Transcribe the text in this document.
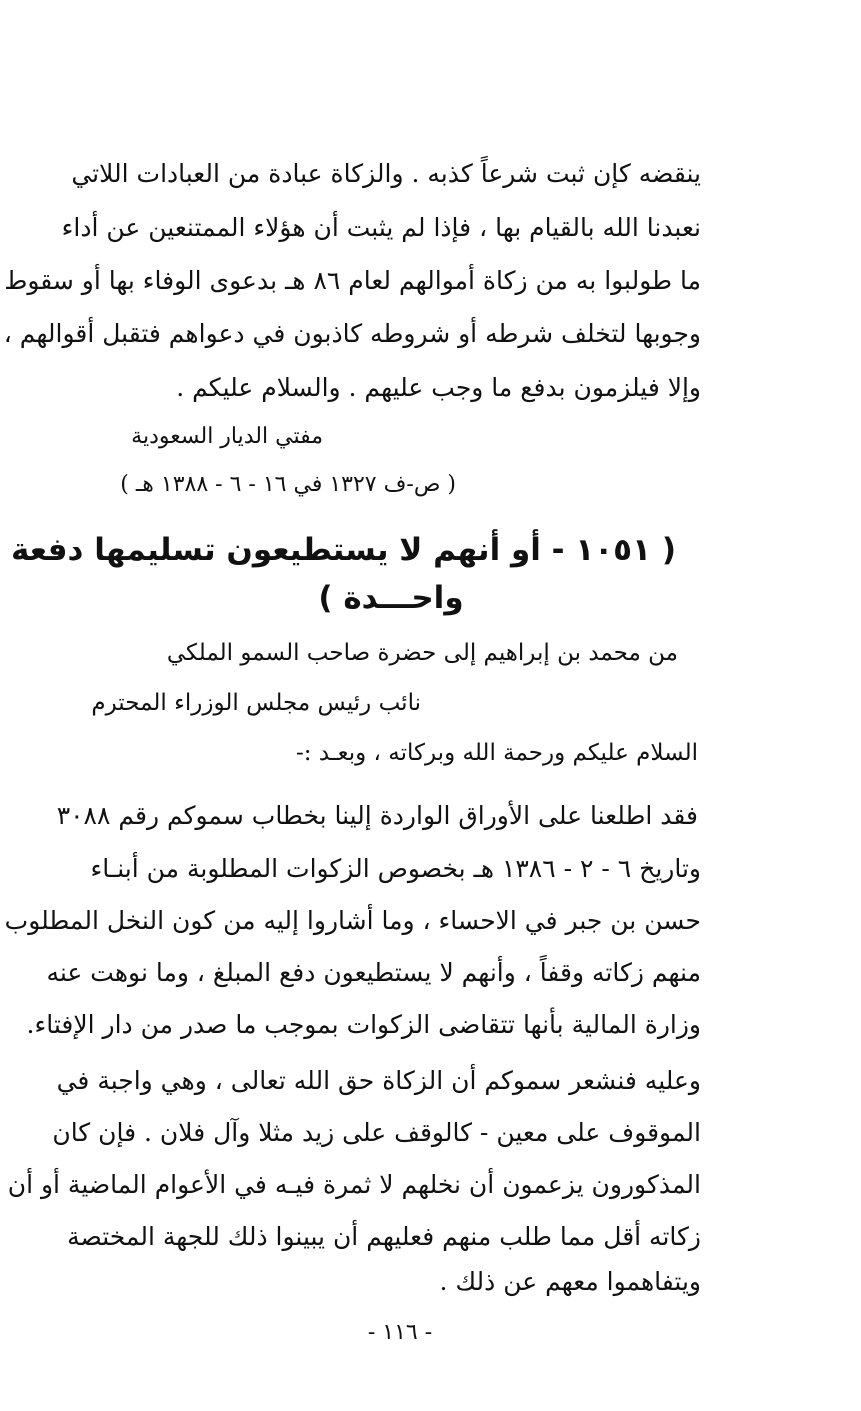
ينقضه كإن ثبت شرعاً كذبه . والزكاة عبادة من العبادات اللاتي
نعبدنا الله بالقيام بها ، فإذا لم يثبت أن هؤلاء الممتنعين عن أداء
ما طولبوا به من زكاة أموالهم لعام ٨٦ هـ بدعوى الوفاء بها أو سقوط
وجوبها لتخلف شرطه أو شروطه كاذبون في دعواهم فتقبل أقوالهم ،
وإلا فيلزمون بدفع ما وجب عليهم . والسلام عليكم .
مفتي الديار السعودية
( ص-ف ١٣٢٧ في ١٦ - ٦ - ١٣٨٨ هـ )
( ١٠٥١ - أو أنهم لا يستطيعون تسليمها دفعة
واحـــدة )
من محمد بن إبراهيم إلى حضرة صاحب السمو الملكي
نائب رئيس مجلس الوزراء المحترم
السلام عليكم ورحمة الله وبركاته ، وبعـد :-
فقد اطلعنا على الأوراق الواردة إلينا بخطاب سموكم رقم ٣٠٨٨
وتاريخ ٦ - ٢ - ١٣٨٦ هـ بخصوص الزكوات المطلوبة من أبنـاء
حسن بن جبر في الاحساء ، وما أشاروا إليه من كون النخل المطلوب
منهم زكاته وقفاً ، وأنهم لا يستطيعون دفع المبلغ ، وما نوهت عنه
وزارة المالية بأنها تتقاضى الزكوات بموجب ما صدر من دار الإفتاء.
وعليه فنشعر سموكم أن الزكاة حق الله تعالى ، وهي واجبة في
الموقوف على معين - كالوقف على زيد مثلا وآل فلان . فإن كان
المذكورون يزعمون أن نخلهم لا ثمرة فيـه في الأعوام الماضية أو أن
زكاته أقل مما طلب منهم فعليهم أن يبينوا ذلك للجهة المختصة
ويتفاهموا معهم عن ذلك .
- ١١٦ -
